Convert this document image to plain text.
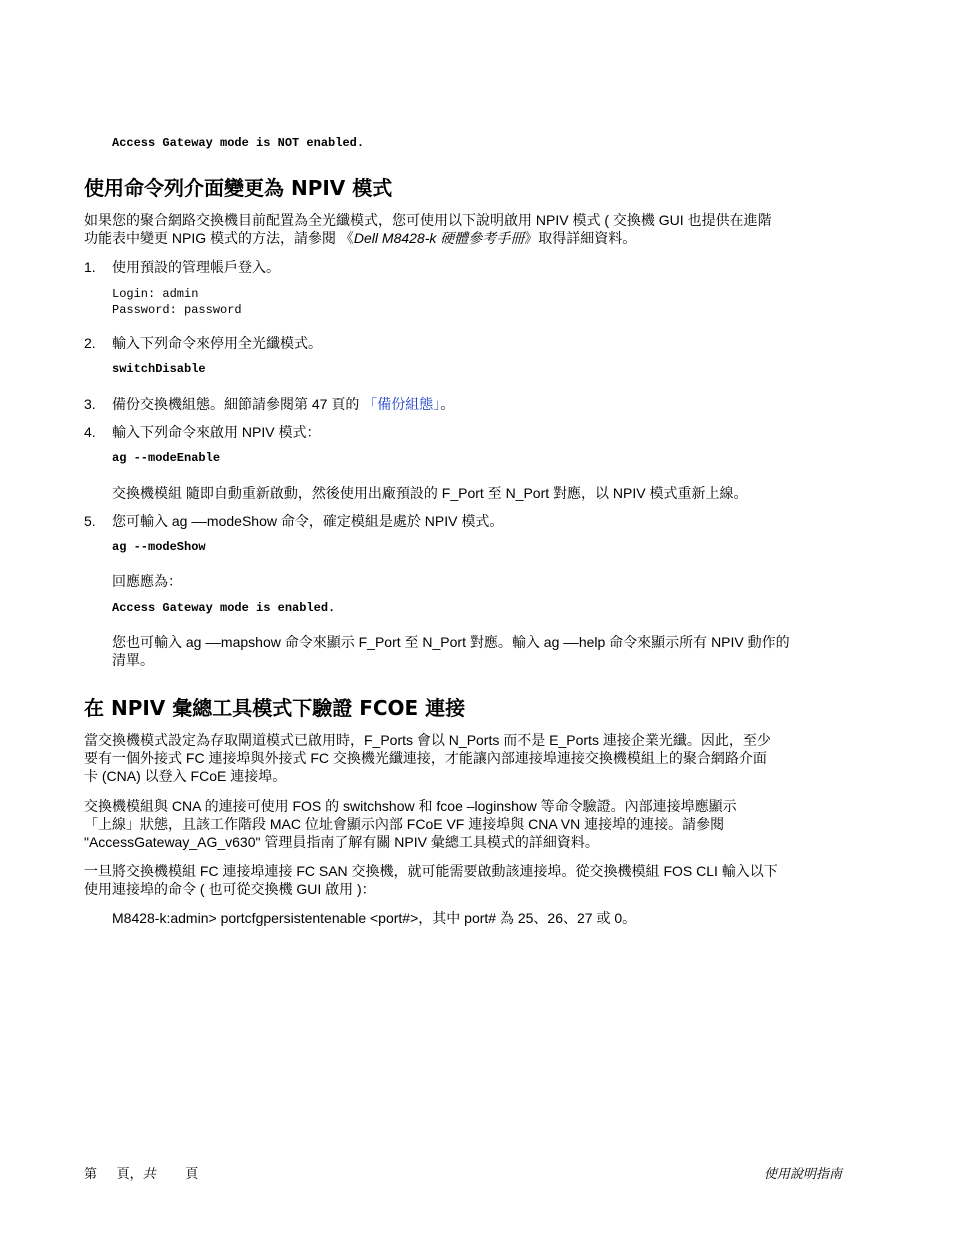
Access Gateway mode is NOT enabled.
使用命令列介面變更為 NPIV 模式
如果您的聚合網路交換機目前配置為全光纖模式，您可使用以下說明啟用 NPIV 模式 ( 交換機 GUI 也提供在進階
功能表中變更 NPIG 模式的方法，請參閱 《Dell M8428-k 硬體參考手冊》取得詳細資料。
1. 使用預設的管理帳戶登入。
Login: admin
Password: password
2. 輸入下列命令來停用全光纖模式。
switchDisable
3. 備份交換機組態。細節請參閱第 47 頁的 「備份組態」。
4. 輸入下列命令來啟用 NPIV 模式：
ag --modeEnable
交換機模組 隨即自動重新啟動，然後使用出廠預設的 F_Port 至 N_Port 對應，以 NPIV 模式重新上線。
5. 您可輸入 ag ––modeShow 命令，確定模組是處於 NPIV 模式。
ag --modeShow
回應應為：
Access Gateway mode is enabled.
您也可輸入 ag ––mapshow 命令來顯示 F_Port 至 N_Port 對應。輸入 ag ––help 命令來顯示所有 NPIV 動作的
清單。
在 NPIV 彙總工具模式下驗證 FCOE 連接
當交換機模式設定為存取閘道模式已啟用時，F_Ports 會以 N_Ports 而不是 E_Ports 連接企業光纖。因此，至少
要有一個外接式 FC 連接埠與外接式 FC 交換機光纖連接，才能讓內部連接埠連接交換機模組上的聚合網路介面
卡 (CNA) 以登入 FCoE 連接埠。
交換機模組與 CNA 的連接可使用 FOS 的 switchshow 和 fcoe –loginshow 等命令驗證。內部連接埠應顯示
「上線」狀態，且該工作階段 MAC 位址會顯示內部 FCoE VF 連接埠與 CNA VN 連接埠的連接。請參閱
"AccessGateway_AG_v630" 管理員指南了解有關 NPIV 彙總工具模式的詳細資料。
一旦將交換機模組 FC 連接埠連接 FC SAN 交換機，就可能需要啟動該連接埠。從交換機模組 FOS CLI 輸入以下
使用連接埠的命令 ( 也可從交換機 GUI 啟用 )：
M8428-k:admin> portcfgpersistentenable <port#>，其中 port# 為 25、26、27 或 0。
第 頁，共 頁	使用說明指南
